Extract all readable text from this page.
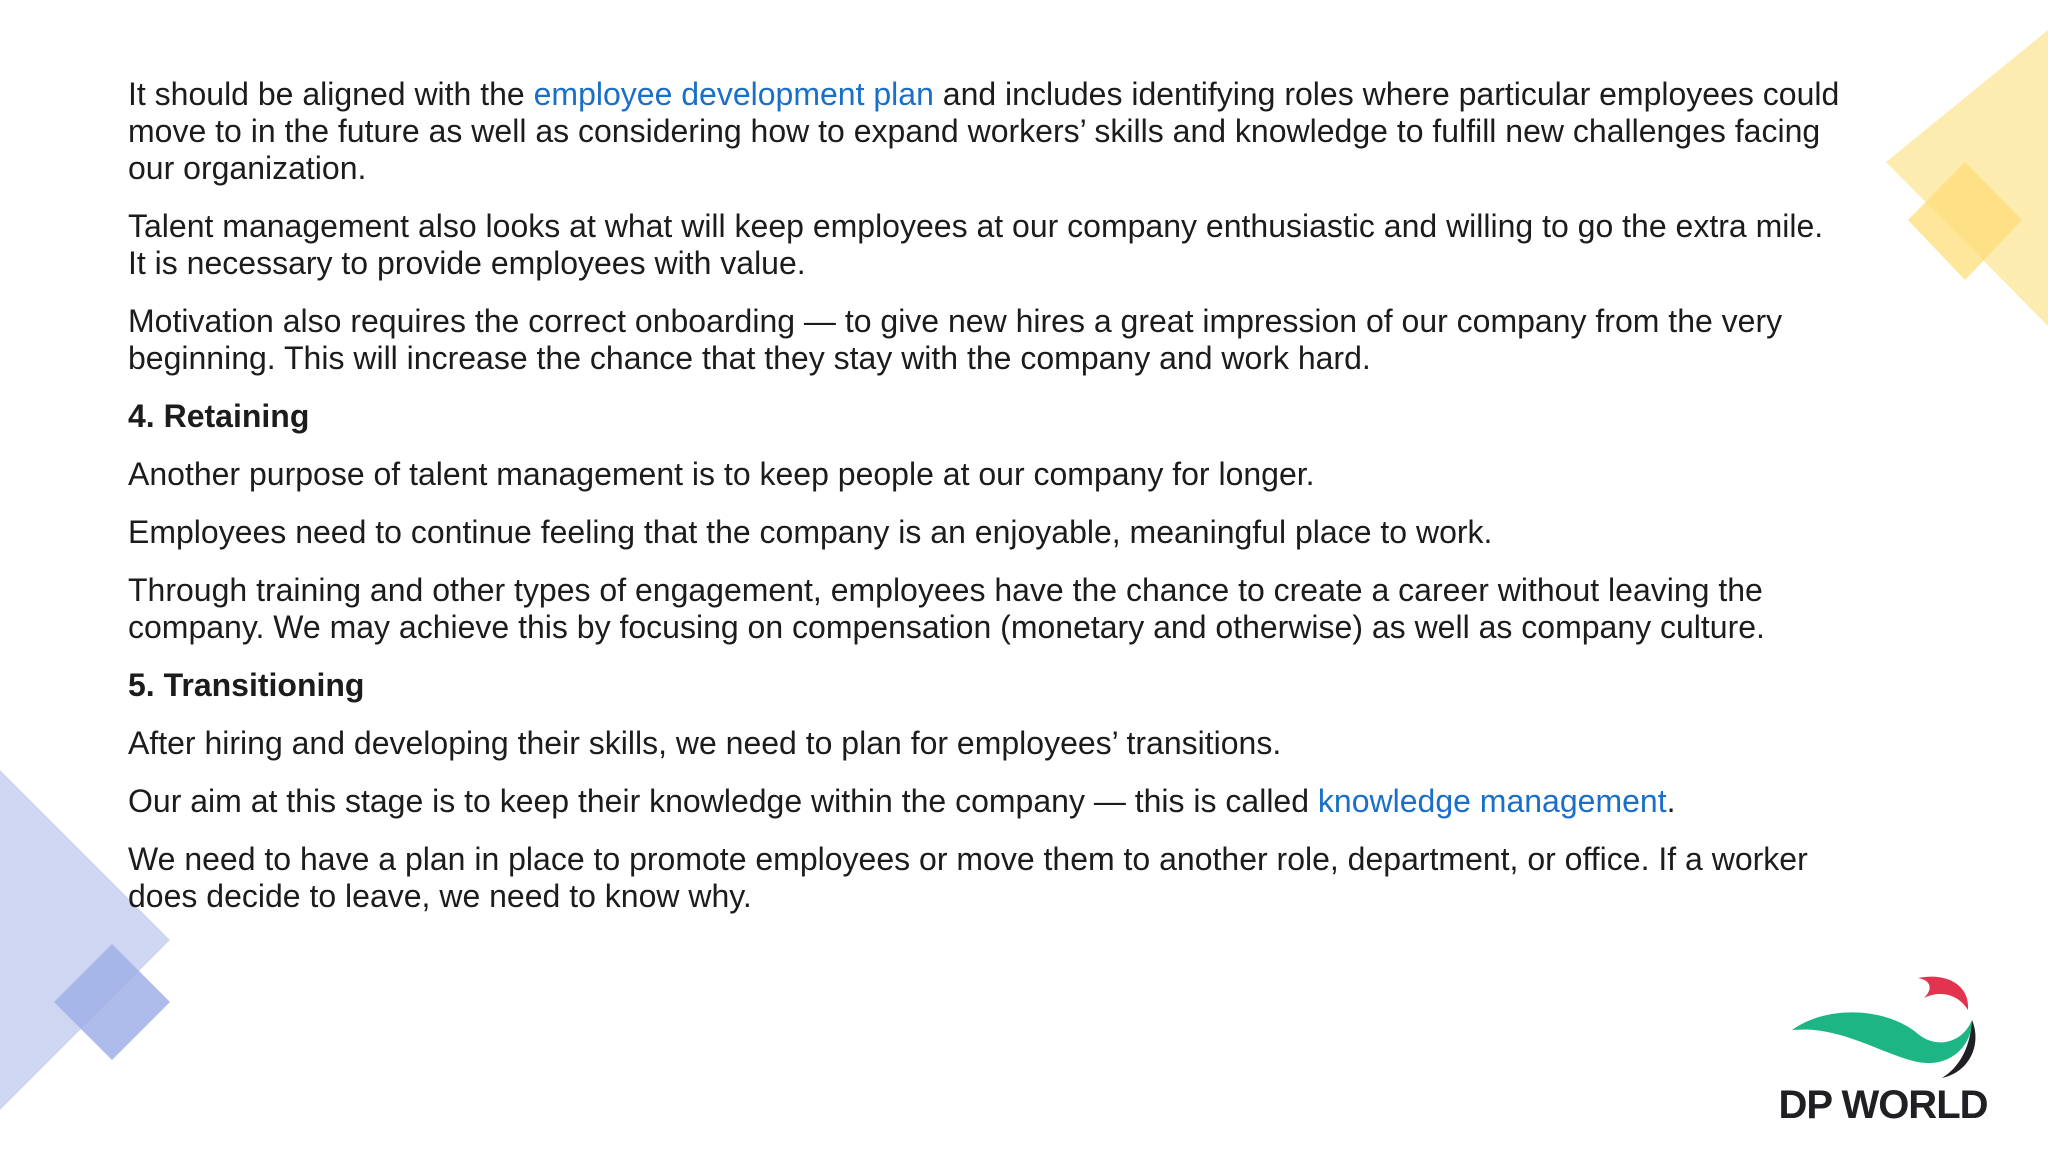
It should be aligned with the employee development plan and includes identifying roles where particular employees could
move to in the future as well as considering how to expand workers’ skills and knowledge to fulfill new challenges facing our organization.

Talent management also looks at what will keep employees at our company enthusiastic and willing to go the extra mile. It is necessary to provide employees with value.

Motivation also requires the correct onboarding — to give new hires a great impression of our company from the very beginning. This will increase the chance that they stay with the company and work hard.

4. Retaining

Another purpose of talent management is to keep people at our company for longer.

Employees need to continue feeling that the company is an enjoyable, meaningful place to work.

Through training and other types of engagement, employees have the chance to create a career without leaving the company. We may achieve this by focusing on compensation (monetary and otherwise) as well as company culture.

5. Transitioning

After hiring and developing their skills, we need to plan for employees’ transitions.

Our aim at this stage is to keep their knowledge within the company — this is called knowledge management.

We need to have a plan in place to promote employees or move them to another role, department, or office. If a worker does decide to leave, we need to know why.

DP WORLD
